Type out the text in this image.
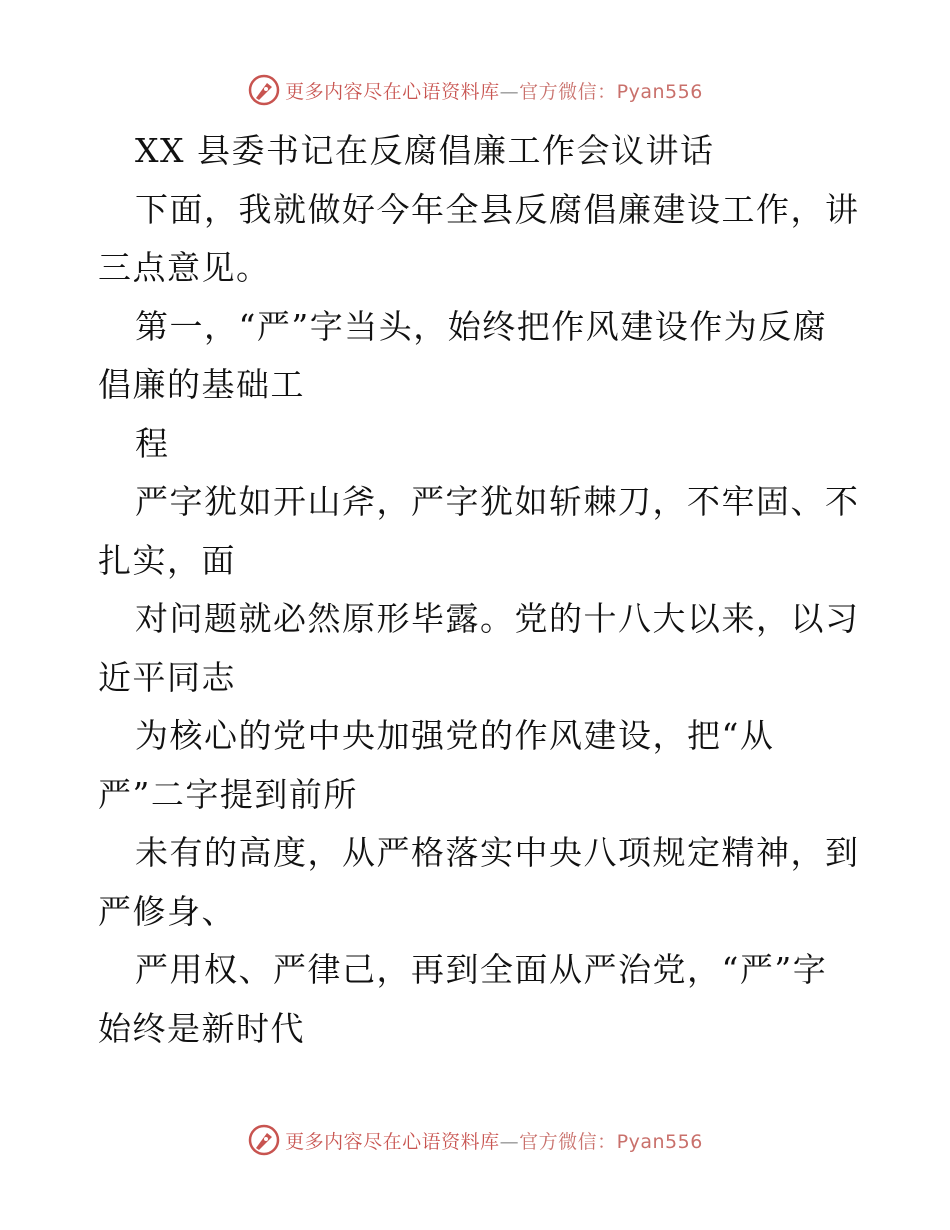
更多内容尽在心语资料库—官方微信：Pyan556
XX 县委书记在反腐倡廉工作会议讲话
下面，我就做好今年全县反腐倡廉建设工作，讲
三点意见。
第一，“严”字当头，始终把作风建设作为反腐
倡廉的基础工
程
严字犹如开山斧，严字犹如斩棘刀，不牢固、不
扎实，面
对问题就必然原形毕露。党的十八大以来，以习
近平同志
为核心的党中央加强党的作风建设，把“从
严”二字提到前所
未有的高度，从严格落实中央八项规定精神，到
严修身、
严用权、严律己，再到全面从严治党，“严”字
始终是新时代
更多内容尽在心语资料库—官方微信：Pyan556
